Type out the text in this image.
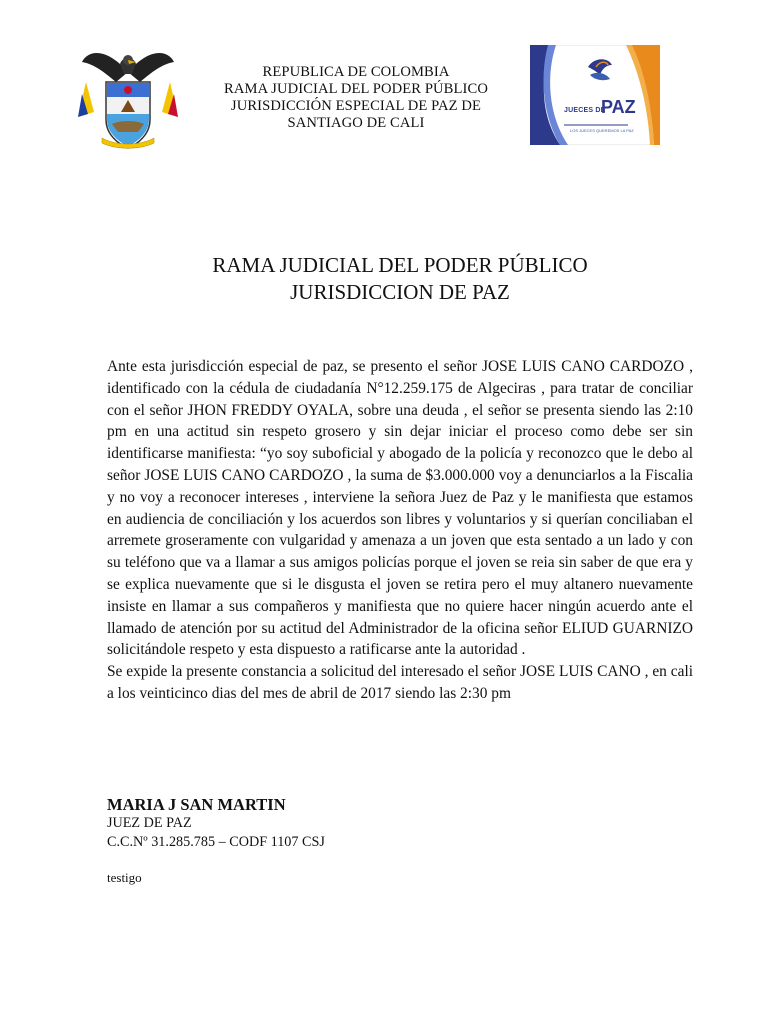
REPUBLICA DE COLOMBIA
RAMA JUDICIAL DEL PODER PÚBLICO
JURISDICCIÓN ESPECIAL DE PAZ DE
SANTIAGO DE CALI
JUECES DE
PAZ
LOS JUECES QUEREMOS LA PAZ
RAMA JUDICIAL DEL PODER PÚBLICO
JURISDICCION DE PAZ
Ante esta jurisdicción especial de paz, se presento el señor JOSE LUIS CANO CARDOZO , identificado con la cédula de ciudadanía N°12.259.175 de Algeciras , para tratar de conciliar con el señor JHON FREDDY OYALA, sobre una deuda , el señor se presenta siendo las 2:10 pm en una actitud sin respeto grosero y sin dejar iniciar el proceso como debe ser sin identificarse manifiesta: “yo soy suboficial y abogado de la policía y reconozco que le debo al señor JOSE LUIS CANO CARDOZO , la suma de $3.000.000 voy a denunciarlos a la Fiscalia y no voy a reconocer intereses , interviene la señora Juez de Paz y le manifiesta que estamos en audiencia de conciliación y los acuerdos son libres y voluntarios y si querían conciliaban el arremete groseramente con vulgaridad y amenaza a un joven que esta sentado a un lado y con su teléfono que va a llamar a sus amigos policías porque el joven se reia sin saber de que era y se explica nuevamente que si le disgusta el joven se retira pero el muy altanero nuevamente insiste en llamar a sus compañeros y manifiesta que no quiere hacer ningún acuerdo ante el llamado de atención por su actitud del Administrador de la oficina señor ELIUD GUARNIZO solicitándole respeto y esta dispuesto a ratificarse ante la autoridad .
Se expide la presente constancia a solicitud del interesado el señor JOSE LUIS CANO , en cali a los veinticinco dias del mes de abril de 2017 siendo las 2:30 pm
MARIA J SAN MARTIN
JUEZ DE PAZ
C.C.Nº 31.285.785 – CODF 1107 CSJ
testigo
